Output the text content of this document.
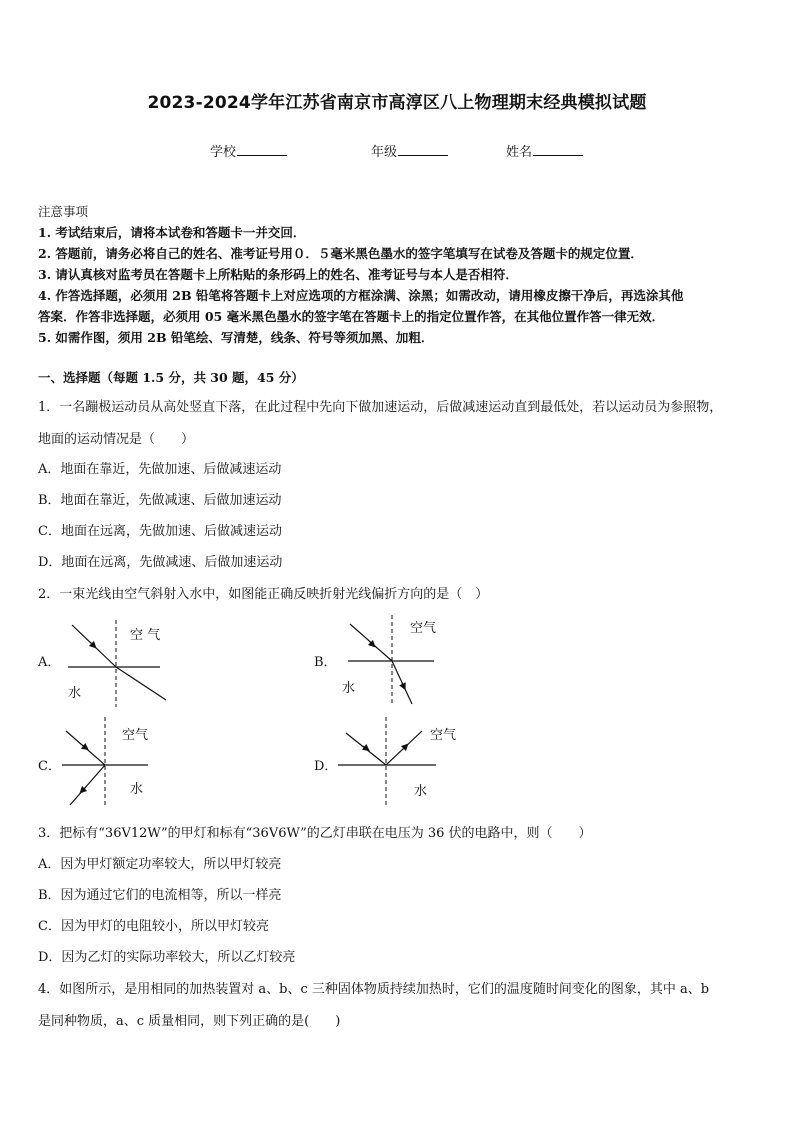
2023-2024学年江苏省南京市高淳区八上物理期末经典模拟试题
学校	年级	姓名
注意事项
1. 考试结束后，请将本试卷和答题卡一并交回．
2. 答题前，请务必将自己的姓名、准考证号用０．５毫米黑色墨水的签字笔填写在试卷及答题卡的规定位置．
3. 请认真核对监考员在答题卡上所粘贴的条形码上的姓名、准考证号与本人是否相符．
4. 作答选择题，必须用 2B 铅笔将答题卡上对应选项的方框涂满、涂黑；如需改动，请用橡皮擦干净后，再选涂其他
答案．作答非选择题，必须用 05 毫米黑色墨水的签字笔在答题卡上的指定位置作答，在其他位置作答一律无效．
5. 如需作图，须用 2B 铅笔绘、写清楚，线条、符号等须加黑、加粗．
一、选择题（每题 1.5 分，共 30 题，45 分）
1．一名蹦极运动员从高处竖直下落，在此过程中先向下做加速运动，后做减速运动直到最低处，若以运动员为参照物，
地面的运动情况是（　　）
A．地面在靠近，先做加速、后做减速运动
B．地面在靠近，先做减速、后做加速运动
C．地面在远离，先做加速、后做减速运动
D．地面在远离，先做减速、后做加速运动
2．一束光线由空气斜射入水中，如图能正确反映折射光线偏折方向的是（　）
A．
空 气
水
B．
空气
水
C．
空气
水
D．
空气
水
3．把标有“36V12W”的甲灯和标有“36V6W”的乙灯串联在电压为 36 伏的电路中，则（　　）
A．因为甲灯额定功率较大，所以甲灯较亮
B．因为通过它们的电流相等，所以一样亮
C．因为甲灯的电阻较小，所以甲灯较亮
D．因为乙灯的实际功率较大，所以乙灯较亮
4．如图所示，是用相同的加热装置对 a、b、c 三种固体物质持续加热时，它们的温度随时间变化的图象，其中 a、b
是同种物质，a、c 质量相同，则下列正确的是(　　)
